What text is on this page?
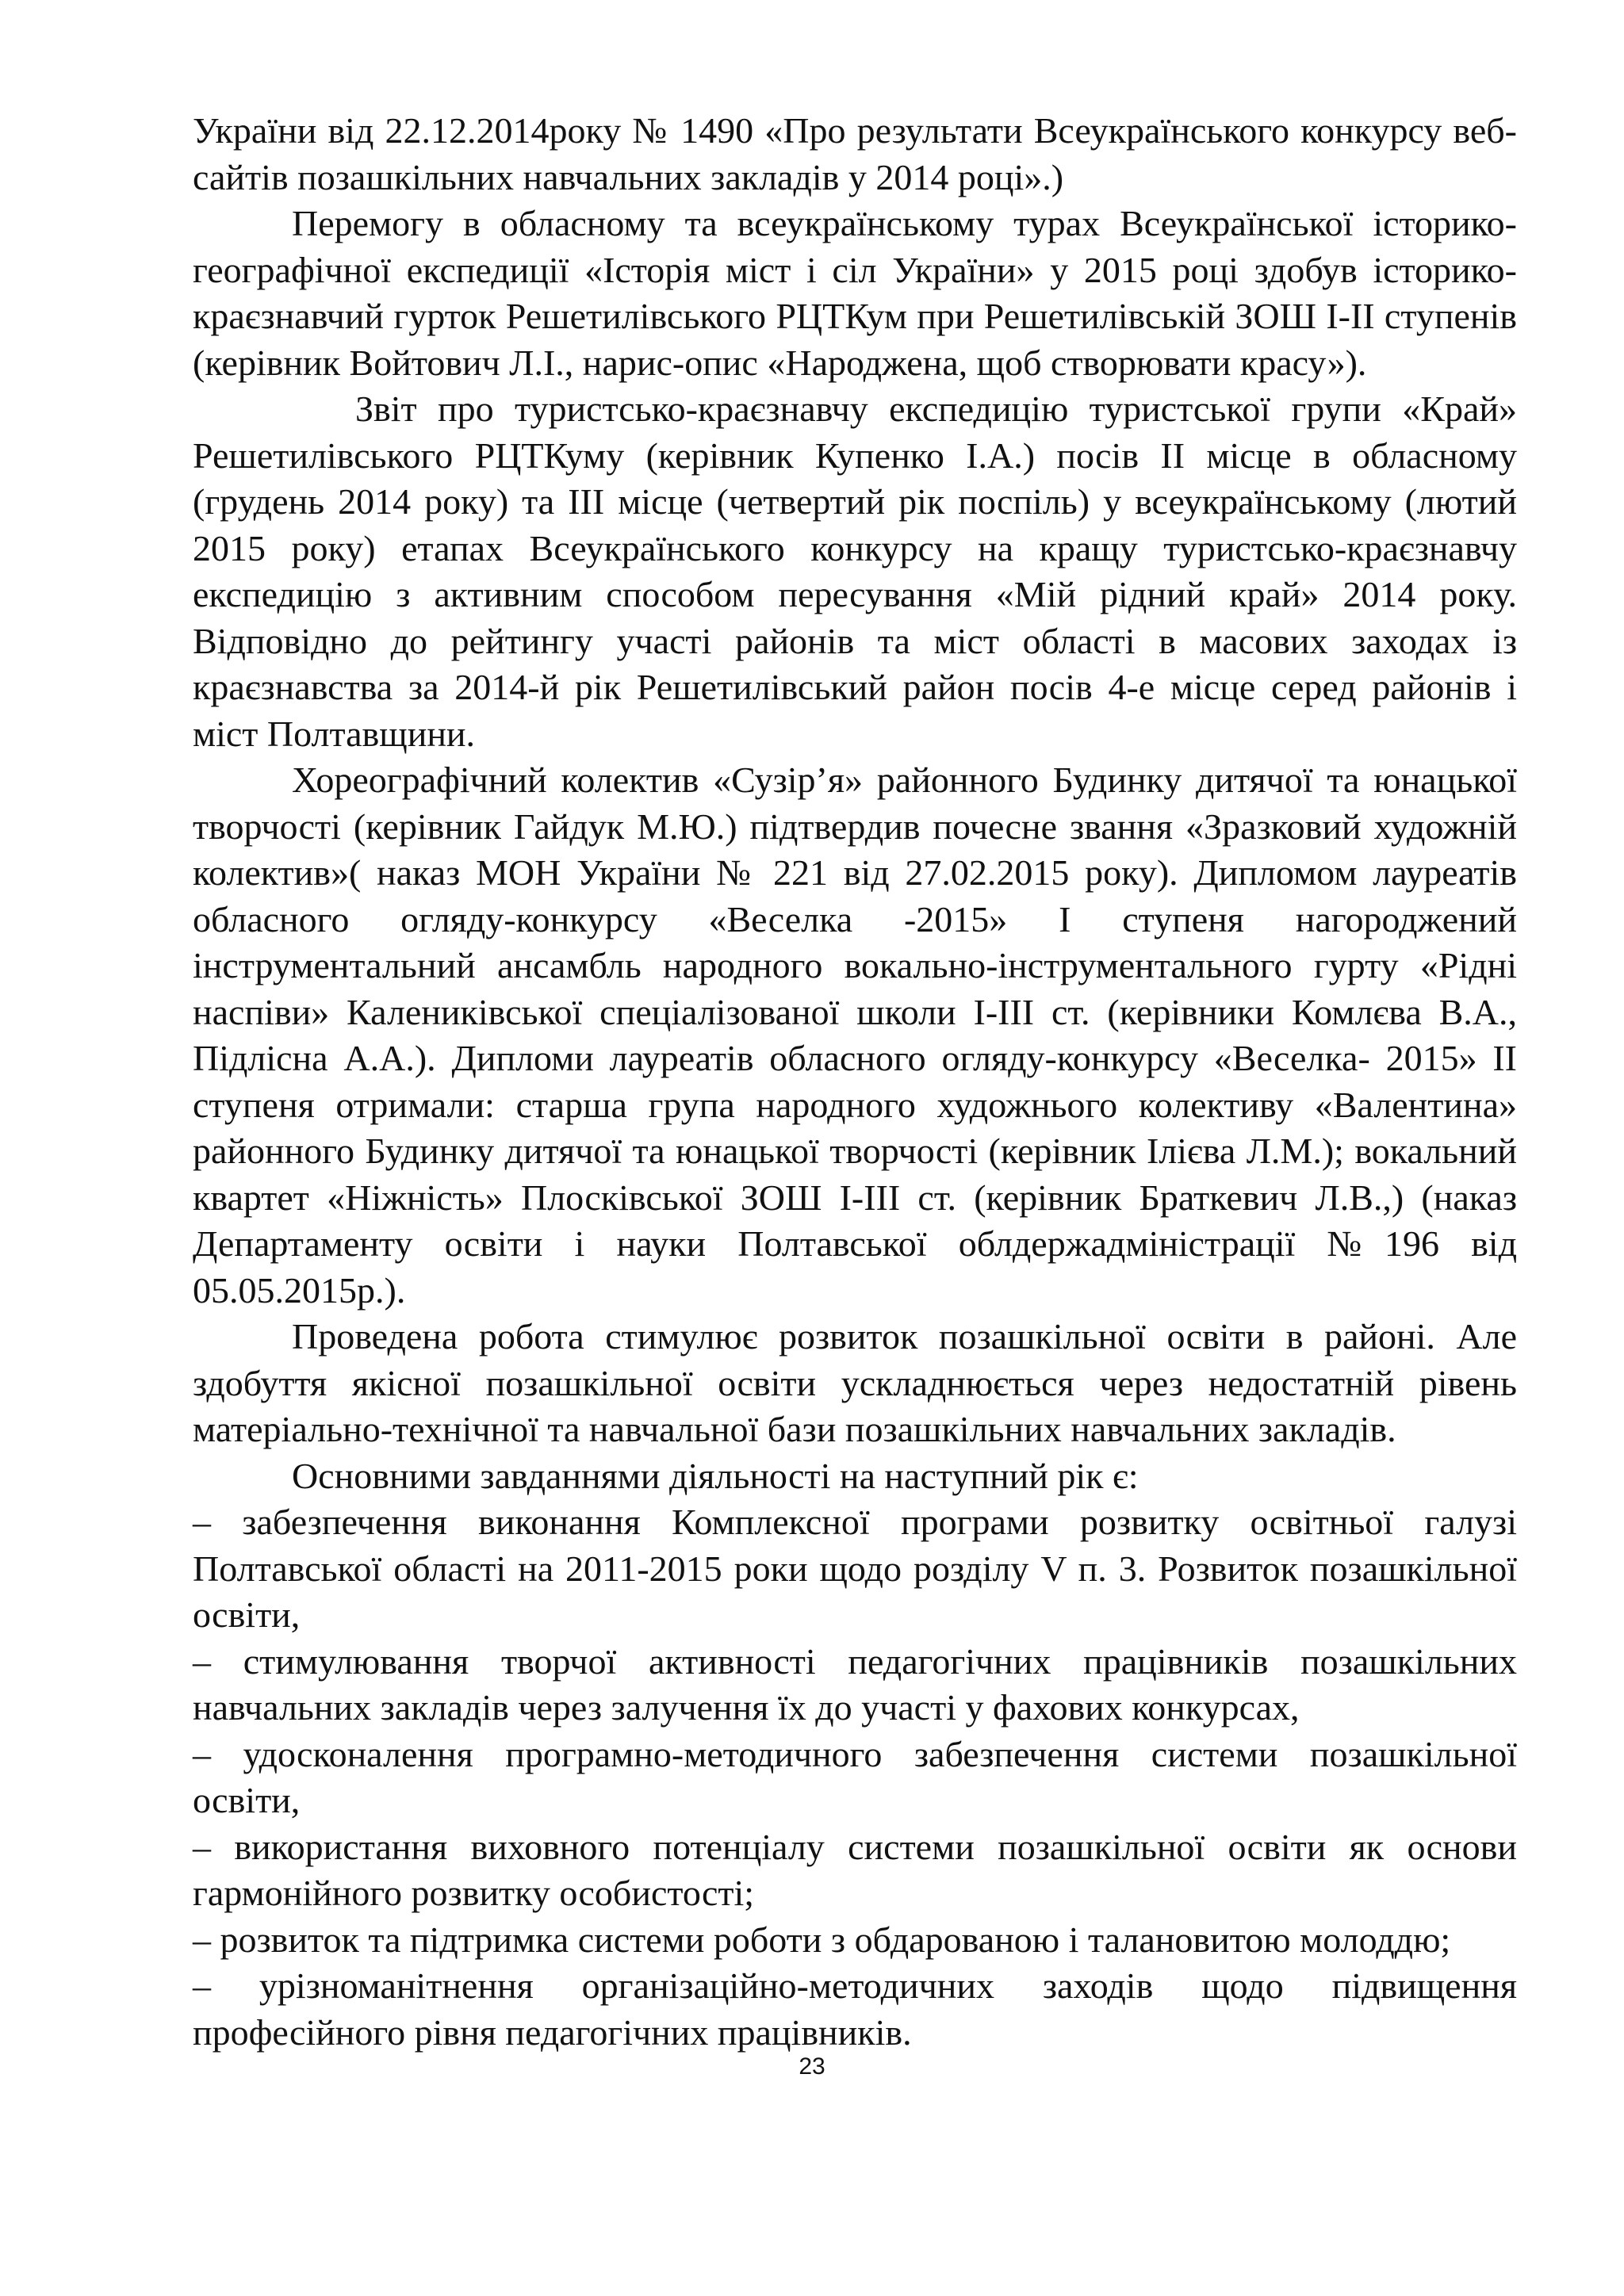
України від 22.12.2014року № 1490 «Про результати Всеукраїнського конкурсу веб-сайтів позашкільних навчальних закладів у 2014 році».)

Перемогу в обласному та всеукраїнському турах Всеукраїнської історико-географічної експедиції «Історія міст і сіл України» у 2015 році здобув історико-краєзнавчий гурток Решетилівського РЦТКум при Решетилівській ЗОШ І-ІІ ступенів (керівник Войтович Л.І., нарис-опис «Народжена, щоб створювати красу»).

Звіт про туристсько-краєзнавчу експедицію туристської групи «Край» Решетилівського РЦТКуму (керівник Купенко І.А.) посів ІІ місце в обласному (грудень 2014 року) та ІІІ місце (четвертий рік поспіль) у всеукраїнському (лютий 2015 року) етапах Всеукраїнського конкурсу на кращу туристсько-краєзнавчу експедицію з активним способом пересування «Мій рідний край» 2014 року. Відповідно до рейтингу участі районів та міст області в масових заходах із краєзнавства за 2014-й рік Решетилівський район посів 4-е місце серед районів і міст Полтавщини.

Хореографічний колектив «Сузір’я» районного Будинку дитячої та юнацької творчості (керівник Гайдук М.Ю.) підтвердив почесне звання «Зразковий художній колектив»( наказ МОН України № 221 від 27.02.2015 року). Дипломом лауреатів обласного огляду-конкурсу «Веселка -2015» І ступеня нагороджений інструментальний ансамбль народного вокально-інструментального гурту «Рідні наспіви» Калениківської спеціалізованої школи І-ІІІ ст. (керівники Комлєва В.А., Підлісна А.А.). Дипломи лауреатів обласного огляду-конкурсу «Веселка- 2015» ІІ ступеня отримали: старша група народного художнього колективу «Валентина» районного Будинку дитячої та юнацької творчості (керівник Ілієва Л.М.); вокальний квартет «Ніжність» Плосківської ЗОШ І-ІІІ ст. (керівник Браткевич Л.В.,) (наказ Департаменту освіти і науки Полтавської облдержадміністрації №196 від 05.05.2015р.).

Проведена робота стимулює розвиток позашкільної освіти в районі. Але здобуття якісної позашкільної освіти ускладнюється через недостатній рівень матеріально-технічної та навчальної бази позашкільних навчальних закладів.

Основними завданнями діяльності на наступний рік є:

– забезпечення виконання Комплексної програми розвитку освітньої галузі Полтавської області на 2011-2015 роки щодо розділу V п. 3. Розвиток позашкільної освіти,

– стимулювання творчої активності педагогічних працівників позашкільних навчальних закладів через залучення їх до участі у фахових конкурсах,

– удосконалення програмно-методичного забезпечення системи позашкільної освіти,

– використання виховного потенціалу системи позашкільної освіти як основи гармонійного розвитку особистості;

– розвиток та підтримка системи роботи з обдарованою і талановитою молоддю;

– урізноманітнення організаційно-методичних заходів щодо підвищення професійного рівня педагогічних працівників.

23
